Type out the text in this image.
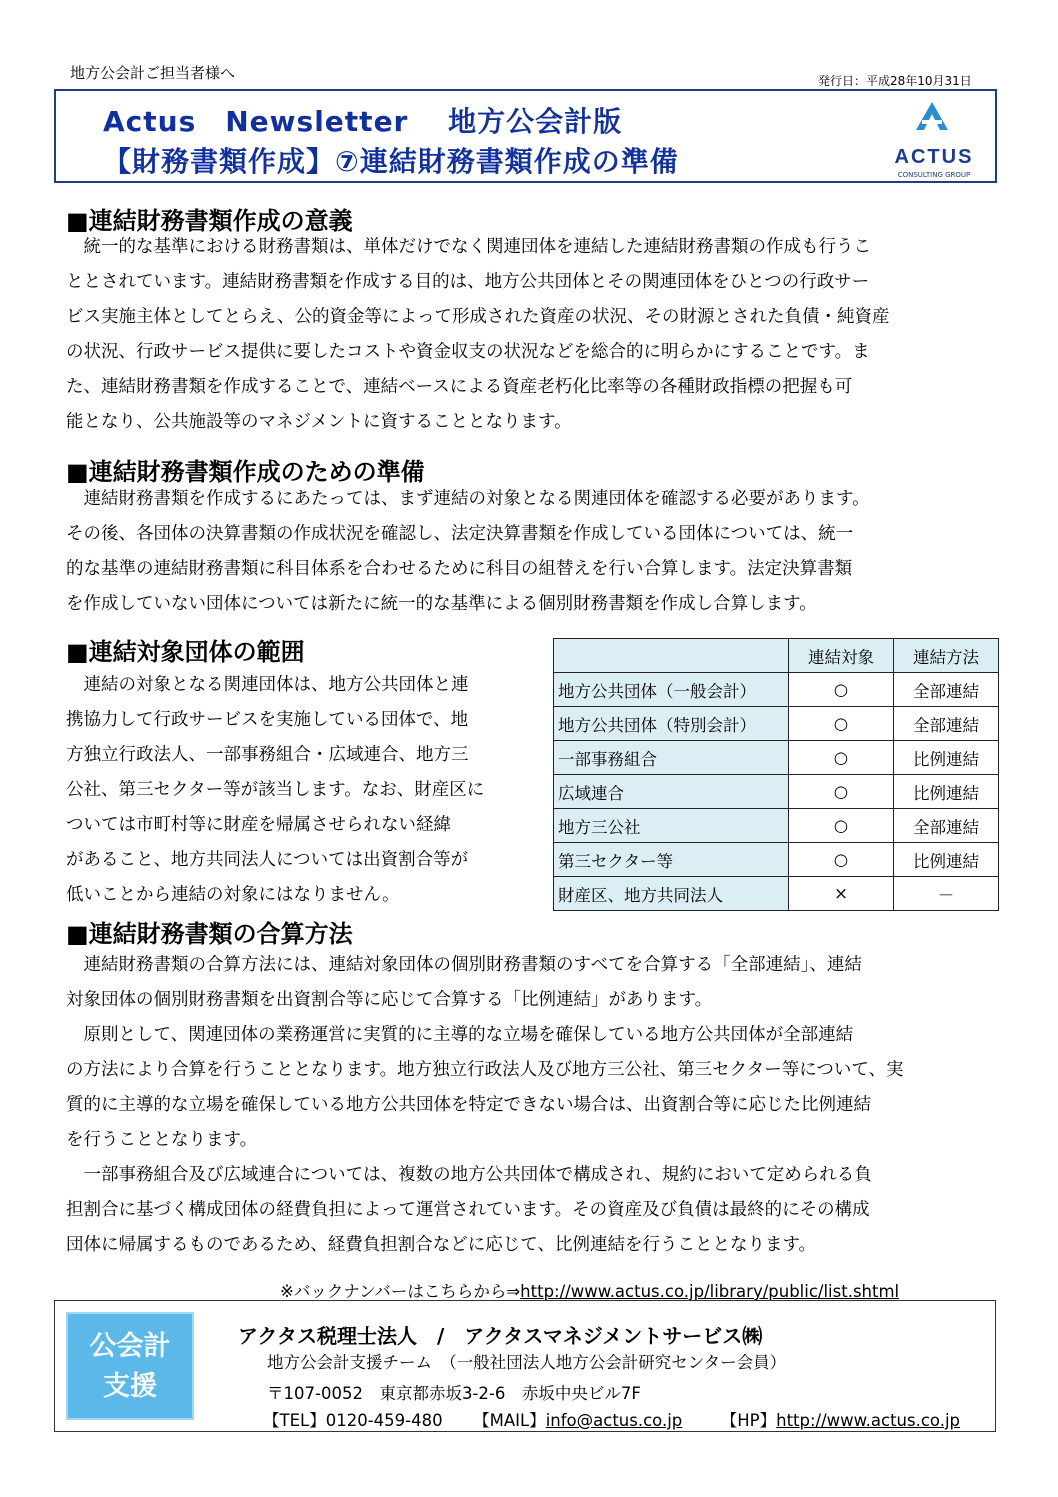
地方公会計ご担当者様へ	発行日：平成28年10月31日
Actus　Newsletter　 地方公会計版
【財務書類作成】⑦連結財務書類作成の準備	ACTUS
CONSULTING GROUP
■連結財務書類作成の意義
　統一的な基準における財務書類は、単体だけでなく関連団体を連結した連結財務書類の作成も行うこ
ととされています。連結財務書類を作成する目的は、地方公共団体とその関連団体をひとつの行政サー
ビス実施主体としてとらえ、公的資金等によって形成された資産の状況、その財源とされた負債・純資産
の状況、行政サービス提供に要したコストや資金収支の状況などを総合的に明らかにすることです。ま
た、連結財務書類を作成することで、連結ベースによる資産老朽化比率等の各種財政指標の把握も可
能となり、公共施設等のマネジメントに資することとなります。
■連結財務書類作成のための準備
　連結財務書類を作成するにあたっては、まず連結の対象となる関連団体を確認する必要があります。
その後、各団体の決算書類の作成状況を確認し、法定決算書類を作成している団体については、統一
的な基準の連結財務書類に科目体系を合わせるために科目の組替えを行い合算します。法定決算書類
を作成していない団体については新たに統一的な基準による個別財務書類を作成し合算します。
■連結対象団体の範囲
　連結の対象となる関連団体は、地方公共団体と連
携協力して行政サービスを実施している団体で、地
方独立行政法人、一部事務組合・広域連合、地方三
公社、第三セクター等が該当します。なお、財産区に
ついては市町村等に財産を帰属させられない経緯
があること、地方共同法人については出資割合等が
低いことから連結の対象にはなりません。
	連結対象	連結方法
地方公共団体（一般会計）	○	全部連結
地方公共団体（特別会計）	○	全部連結
一部事務組合	○	比例連結
広域連合	○	比例連結
地方三公社	○	全部連結
第三セクター等	○	比例連結
財産区、地方共同法人	×	－
■連結財務書類の合算方法
　連結財務書類の合算方法には、連結対象団体の個別財務書類のすべてを合算する「全部連結」、連結
対象団体の個別財務書類を出資割合等に応じて合算する「比例連結」があります。
　原則として、関連団体の業務運営に実質的に主導的な立場を確保している地方公共団体が全部連結
の方法により合算を行うこととなります。地方独立行政法人及び地方三公社、第三セクター等について、実
質的に主導的な立場を確保している地方公共団体を特定できない場合は、出資割合等に応じた比例連結
を行うこととなります。
　一部事務組合及び広域連合については、複数の地方公共団体で構成され、規約において定められる負
担割合に基づく構成団体の経費負担によって運営されています。その資産及び負債は最終的にその構成
団体に帰属するものであるため、経費負担割合などに応じて、比例連結を行うこととなります。
※バックナンバーはこちらから⇒http://www.actus.co.jp/library/public/list.shtml
公会計
支援
アクタス税理士法人　/　アクタスマネジメントサービス㈱
地方公会計支援チーム　（一般社団法人地方公会計研究センター会員）
〒107-0052　東京都赤坂3-2-6　赤坂中央ビル7F
【TEL】0120-459-480 【MAIL】info@actus.co.jp 【HP】http://www.actus.co.jp
